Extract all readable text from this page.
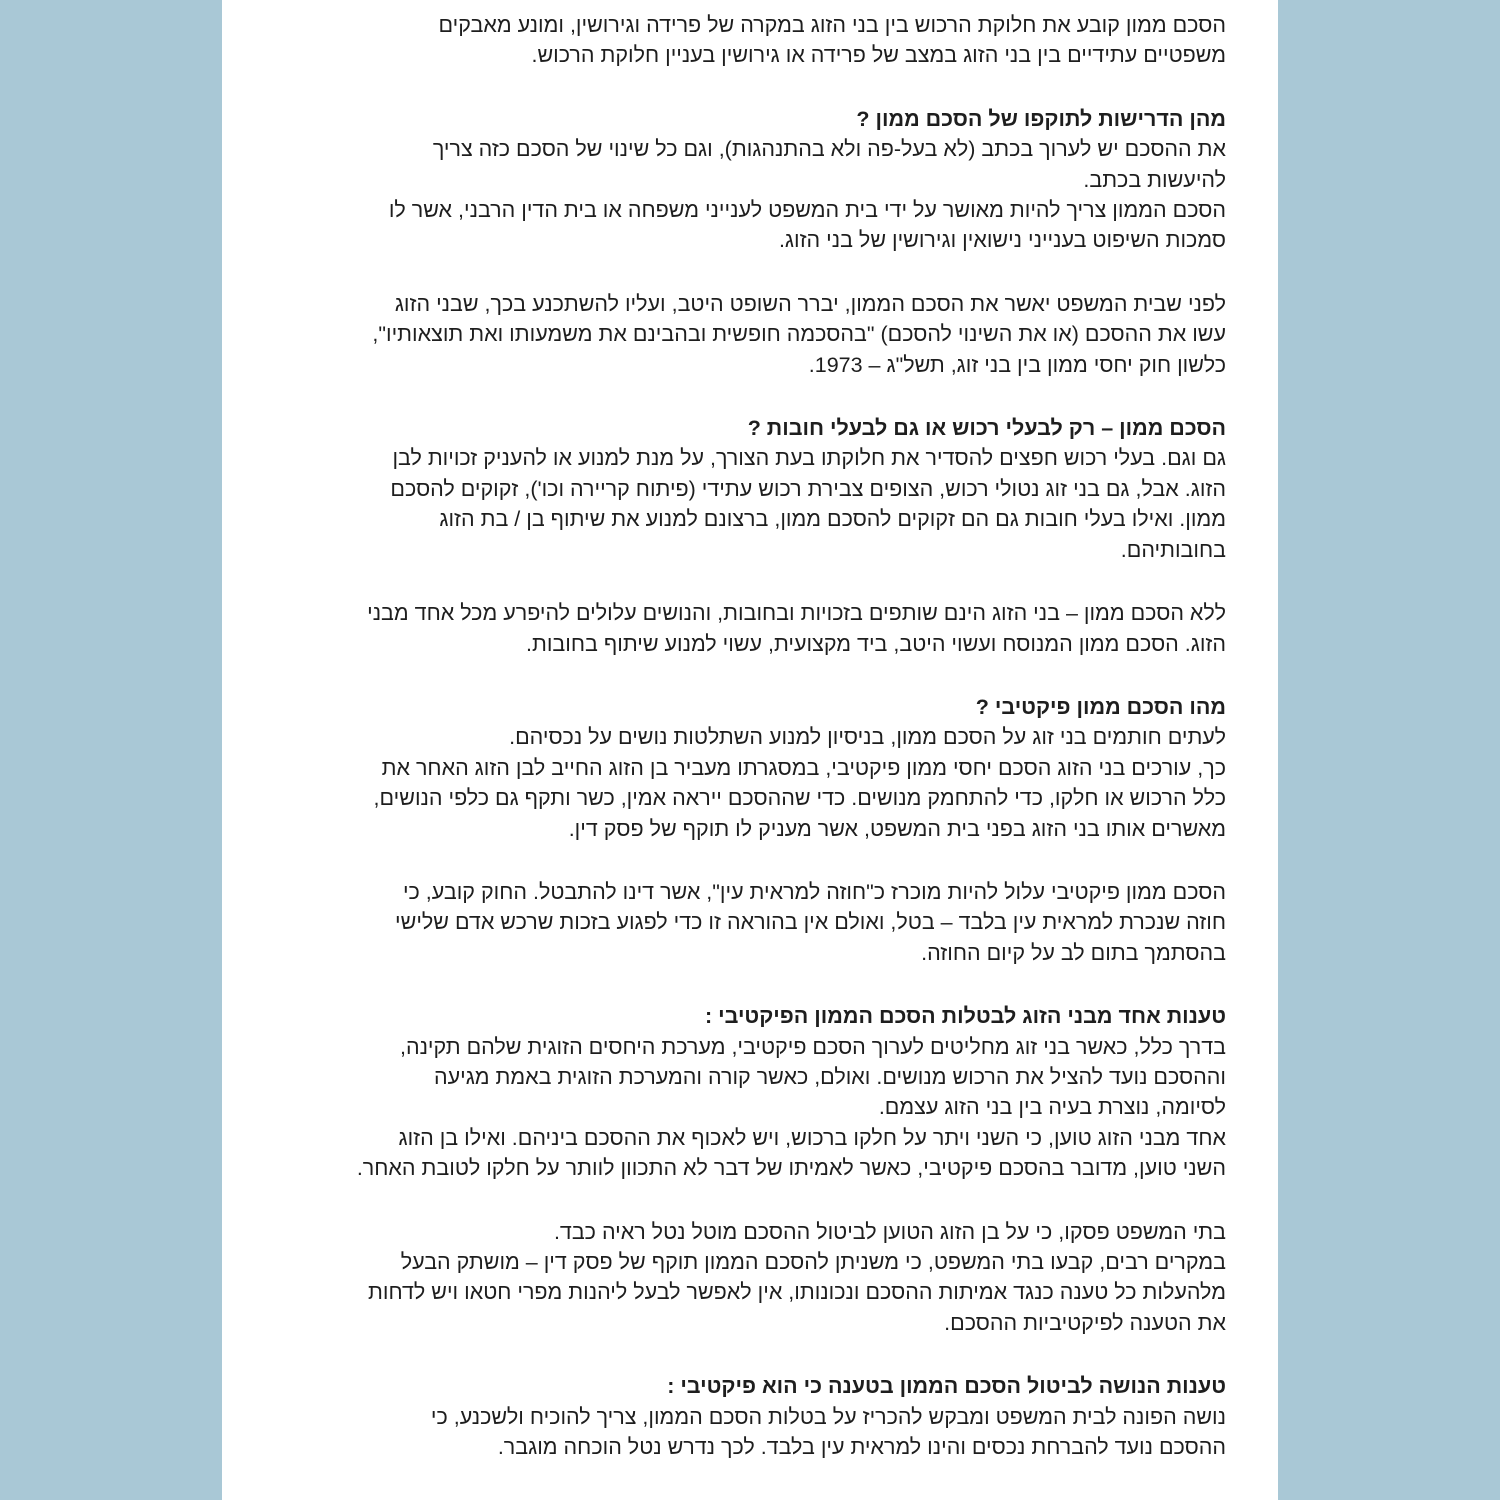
הסכם ממון קובע את חלוקת הרכוש בין בני הזוג במקרה של פרידה וגירושין, ומונע מאבקים
משפטיים עתידיים בין בני הזוג במצב של פרידה או גירושין בעניין חלוקת הרכוש.

מהן הדרישות לתוקפו של הסכם ממון ?

את ההסכם יש לערוך בכתב (לא בעל-פה ולא בהתנהגות), וגם כל שינוי של הסכם כזה צריך
להיעשות בכתב.

הסכם הממון צריך להיות מאושר על ידי בית המשפט לענייני משפחה או בית הדין הרבני, אשר לו
סמכות השיפוט בענייני נישואין וגירושין של בני הזוג.

לפני שבית המשפט יאשר את הסכם הממון, יברר השופט היטב, ועליו להשתכנע בכך, שבני הזוג
עשו את ההסכם (או את השינוי להסכם) "בהסכמה חופשית ובהבינם את משמעותו ואת תוצאותיו",
כלשון חוק יחסי ממון בין בני זוג, תשל"ג – 1973.

הסכם ממון – רק לבעלי רכוש או גם לבעלי חובות ?

גם וגם. בעלי רכוש חפצים להסדיר את חלוקתו בעת הצורך, על מנת למנוע או להעניק זכויות לבן
הזוג. אבל, גם בני זוג נטולי רכוש, הצופים צבירת רכוש עתידי (פיתוח קריירה וכו'), זקוקים להסכם
ממון. ואילו בעלי חובות גם הם זקוקים להסכם ממון, ברצונם למנוע את שיתוף בן / בת הזוג
בחובותיהם.

ללא הסכם ממון – בני הזוג הינם שותפים בזכויות ובחובות, והנושים עלולים להיפרע מכל אחד מבני
הזוג. הסכם ממון המנוסח ועשוי היטב, ביד מקצועית, עשוי למנוע שיתוף בחובות.

מהו הסכם ממון פיקטיבי ?

לעתים חותמים בני זוג על הסכם ממון, בניסיון למנוע השתלטות נושים על נכסיהם.

כך, עורכים בני הזוג הסכם יחסי ממון פיקטיבי, במסגרתו מעביר בן הזוג החייב לבן הזוג האחר את
כלל הרכוש או חלקו, כדי להתחמק מנושים. כדי שההסכם ייראה אמין, כשר ותקף גם כלפי הנושים,
מאשרים אותו בני הזוג בפני בית המשפט, אשר מעניק לו תוקף של פסק דין.

הסכם ממון פיקטיבי עלול להיות מוכרז כ"חוזה למראית עין", אשר דינו להתבטל. החוק קובע, כי
חוזה שנכרת למראית עין בלבד – בטל, ואולם אין בהוראה זו כדי לפגוע בזכות שרכש אדם שלישי
בהסתמך בתום לב על קיום החוזה.

טענות אחד מבני הזוג לבטלות הסכם הממון הפיקטיבי :

בדרך כלל, כאשר בני זוג מחליטים לערוך הסכם פיקטיבי, מערכת היחסים הזוגית שלהם תקינה,
וההסכם נועד להציל את הרכוש מנושים. ואולם, כאשר קורה והמערכת הזוגית באמת מגיעה
לסיומה, נוצרת בעיה בין בני הזוג עצמם.

אחד מבני הזוג טוען, כי השני ויתר על חלקו ברכוש, ויש לאכוף את ההסכם ביניהם. ואילו בן הזוג
השני טוען, מדובר בהסכם פיקטיבי, כאשר לאמיתו של דבר לא התכוון לוותר על חלקו לטובת האחר.

בתי המשפט פסקו, כי על בן הזוג הטוען לביטול ההסכם מוטל נטל ראיה כבד.

במקרים רבים, קבעו בתי המשפט, כי משניתן להסכם הממון תוקף של פסק דין – מושתק הבעל
מלהעלות כל טענה כנגד אמיתות ההסכם ונכונותו, אין לאפשר לבעל ליהנות מפרי חטאו ויש לדחות
את הטענה לפיקטיביות ההסכם.

טענות הנושה לביטול הסכם הממון בטענה כי הוא פיקטיבי :

נושה הפונה לבית המשפט ומבקש להכריז על בטלות הסכם הממון, צריך להוכיח ולשכנע, כי
ההסכם נועד להברחת נכסים והינו למראית עין בלבד. לכך נדרש נטל הוכחה מוגבר.
